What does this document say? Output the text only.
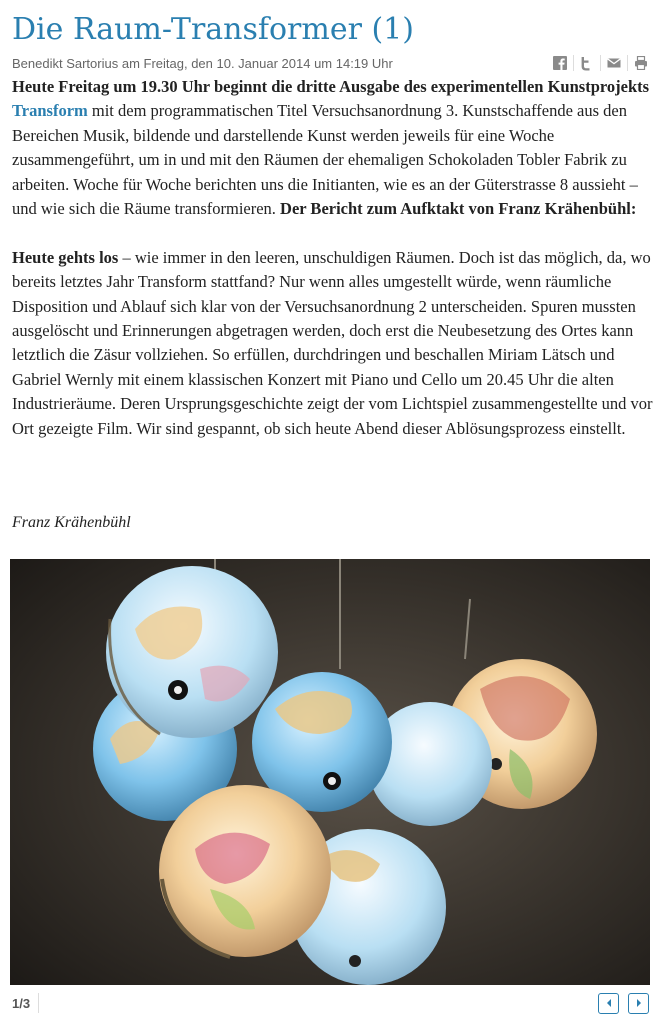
Die Raum-Transformer (1)
Benedikt Sartorius am Freitag, den 10. Januar 2014 um 14:19 Uhr

Heute Freitag um 19.30 Uhr beginnt die dritte Ausgabe des experimentellen Kunstprojekts Transform mit dem programmatischen Titel Versuchsanordnung 3. Kunstschaffende aus den Bereichen Musik, bildende und darstellende Kunst werden jeweils für eine Woche zusammengeführt, um in und mit den Räumen der ehemaligen Schokoladen Tobler Fabrik zu arbeiten. Woche für Woche berichten uns die Initianten, wie es an der Güterstrasse 8 aussieht – und wie sich die Räume transformieren. Der Bericht zum Aufktakt von Franz Krähenbühl:

Heute gehts los – wie immer in den leeren, unschuldigen Räumen. Doch ist das möglich, da, wo bereits letztes Jahr Transform stattfand? Nur wenn alles umgestellt würde, wenn räumliche Disposition und Ablauf sich klar von der Versuchsanordnung 2 unterscheiden. Spuren mussten ausgelöscht und Erinnerungen abgetragen werden, doch erst die Neubesetzung des Ortes kann letztlich die Zäsur vollziehen. So erfüllen, durchdringen und beschallen Miriam Lätsch und Gabriel Wernly mit einem klassischen Konzert mit Piano und Cello um 20.45 Uhr die alten Industrieräume. Deren Ursprungsgeschichte zeigt der vom Lichtspiel zusammengestellte und vor Ort gezeigte Film. Wir sind gespannt, ob sich heute Abend dieser Ablösungsprozess einstellt.

Franz Krähenbühl
1/3
